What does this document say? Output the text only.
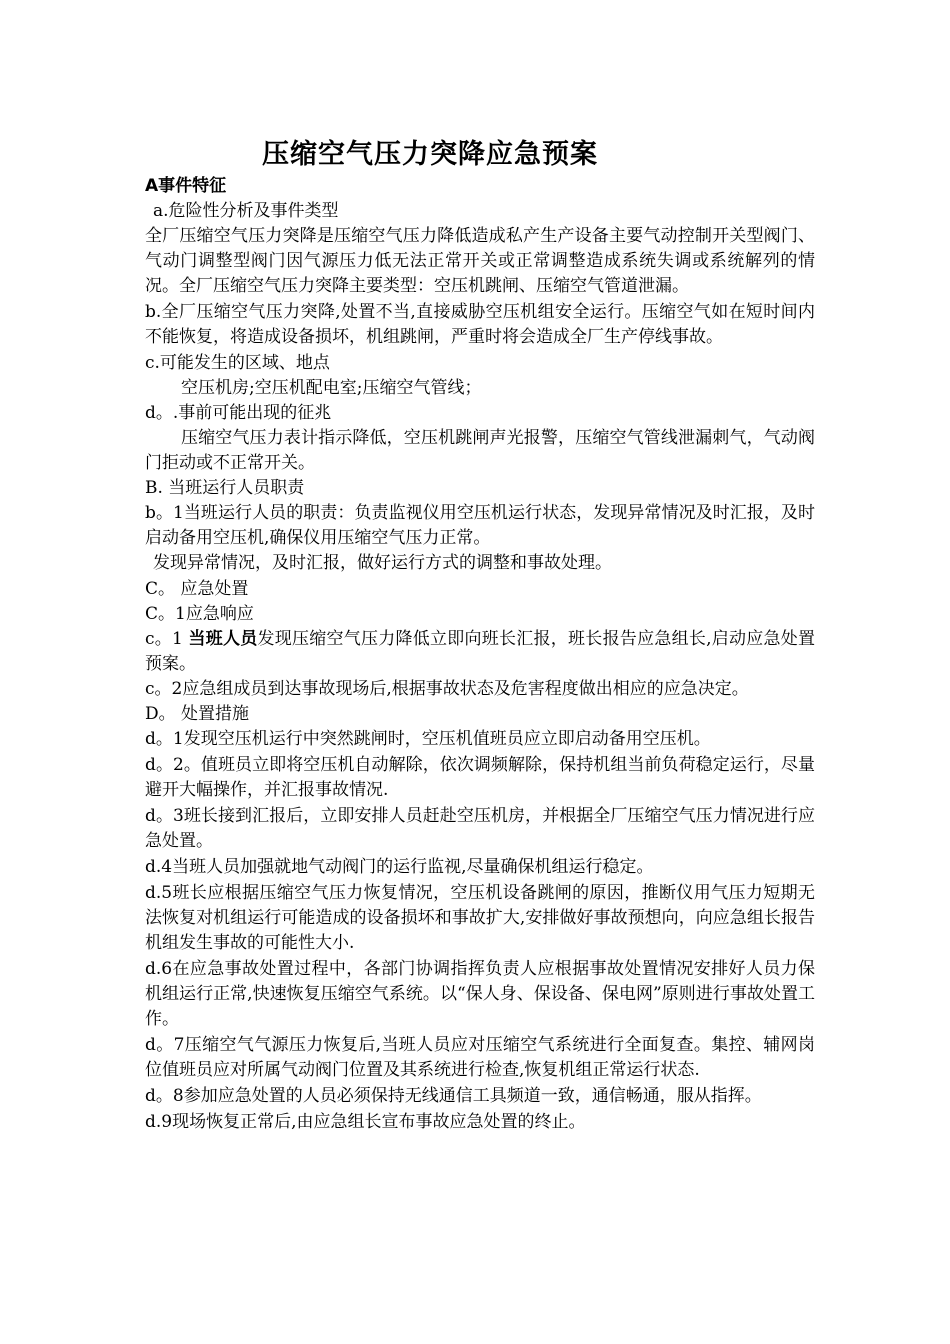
压缩空气压力突降应急预案

A事件特征

a.危险性分析及事件类型

全厂压缩空气压力突降是压缩空气压力降低造成私产生产设备主要气动控制开关型阀门、气动门调整型阀门因气源压力低无法正常开关或正常调整造成系统失调或系统解列的情况。全厂压缩空气压力突降主要类型：空压机跳闸、压缩空气管道泄漏。

b.全厂压缩空气压力突降,处置不当,直接威胁空压机组安全运行。压缩空气如在短时间内不能恢复，将造成设备损坏，机组跳闸，严重时将会造成全厂生产停线事故。

c.可能发生的区域、地点

空压机房;空压机配电室;压缩空气管线；

d。.事前可能出现的征兆

压缩空气压力表计指示降低，空压机跳闸声光报警，压缩空气管线泄漏刺气，气动阀门拒动或不正常开关。

B. 当班运行人员职责

b。1当班运行人员的职责：负责监视仪用空压机运行状态，发现异常情况及时汇报，及时启动备用空压机,确保仪用压缩空气压力正常。

发现异常情况，及时汇报，做好运行方式的调整和事故处理。

C。 应急处置

C。1应急响应

c。1 当班人员发现压缩空气压力降低立即向班长汇报，班长报告应急组长,启动应急处置预案。

c。2应急组成员到达事故现场后,根据事故状态及危害程度做出相应的应急决定。

D。 处置措施

d。1发现空压机运行中突然跳闸时，空压机值班员应立即启动备用空压机。

d。2。值班员立即将空压机自动解除，依次调频解除，保持机组当前负荷稳定运行，尽量避开大幅操作，并汇报事故情况.

d。3班长接到汇报后，立即安排人员赶赴空压机房，并根据全厂压缩空气压力情况进行应急处置。

d.4当班人员加强就地气动阀门的运行监视,尽量确保机组运行稳定。

d.5班长应根据压缩空气压力恢复情况，空压机设备跳闸的原因，推断仪用气压力短期无法恢复对机组运行可能造成的设备损坏和事故扩大,安排做好事故预想向，向应急组长报告机组发生事故的可能性大小.

d.6在应急事故处置过程中，各部门协调指挥负责人应根据事故处置情况安排好人员力保机组运行正常,快速恢复压缩空气系统。以“保人身、保设备、保电网”原则进行事故处置工作。

d。7压缩空气气源压力恢复后,当班人员应对压缩空气系统进行全面复查。集控、辅网岗位值班员应对所属气动阀门位置及其系统进行检查,恢复机组正常运行状态.

d。8参加应急处置的人员必须保持无线通信工具频道一致，通信畅通，服从指挥。

d.9现场恢复正常后,由应急组长宣布事故应急处置的终止。
